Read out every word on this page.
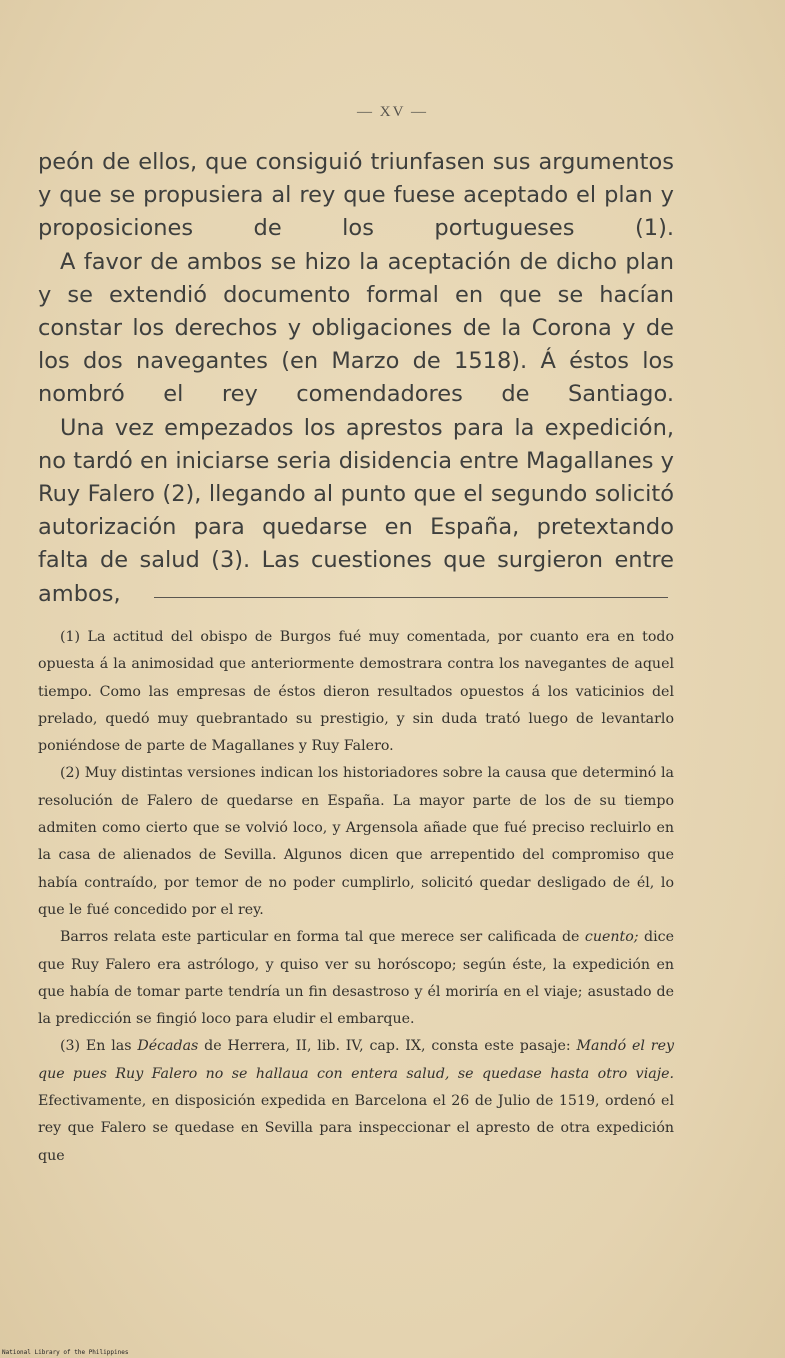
— XV —

peón de ellos, que consiguió triunfasen sus argumentos y que se propusiera al rey que fuese aceptado el plan y proposiciones de los portugueses (1).

A favor de ambos se hizo la aceptación de dicho plan y se extendió documento formal en que se hacían constar los derechos y obligaciones de la Corona y de los dos navegantes (en Marzo de 1518). Á éstos los nombró el rey comendadores de Santiago.

Una vez empezados los aprestos para la expedición, no tardó en iniciarse seria disidencia entre Magallanes y Ruy Falero (2), llegando al punto que el segundo solicitó autorización para quedarse en España, pretextando falta de salud (3). Las cuestiones que surgieron entre ambos,

(1) La actitud del obispo de Burgos fué muy comentada, por cuanto era en todo opuesta á la animosidad que anteriormente demostrara contra los navegantes de aquel tiempo. Como las empresas de éstos dieron resultados opuestos á los vaticinios del prelado, quedó muy quebrantado su prestigio, y sin duda trató luego de levantarlo poniéndose de parte de Magallanes y Ruy Falero.

(2) Muy distintas versiones indican los historiadores sobre la causa que determinó la resolución de Falero de quedarse en España. La mayor parte de los de su tiempo admiten como cierto que se volvió loco, y Argensola añade que fué preciso recluirlo en la casa de alienados de Sevilla. Algunos dicen que arrepentido del compromiso que había contraído, por temor de no poder cumplirlo, solicitó quedar desligado de él, lo que le fué concedido por el rey.

Barros relata este particular en forma tal que merece ser calificada de cuento; dice que Ruy Falero era astrólogo, y quiso ver su horóscopo; según éste, la expedición en que había de tomar parte tendría un fin desastroso y él moriría en el viaje; asustado de la predicción se fingió loco para eludir el embarque.

(3) En las Décadas de Herrera, II, lib. IV, cap. IX, consta este pasaje: Mandó el rey que pues Ruy Falero no se hallaua con entera salud, se quedase hasta otro viaje. Efectivamente, en disposición expedida en Barcelona el 26 de Julio de 1519, ordenó el rey que Falero se quedase en Sevilla para inspeccionar el apresto de otra expedición que

National Library of the Philippines
